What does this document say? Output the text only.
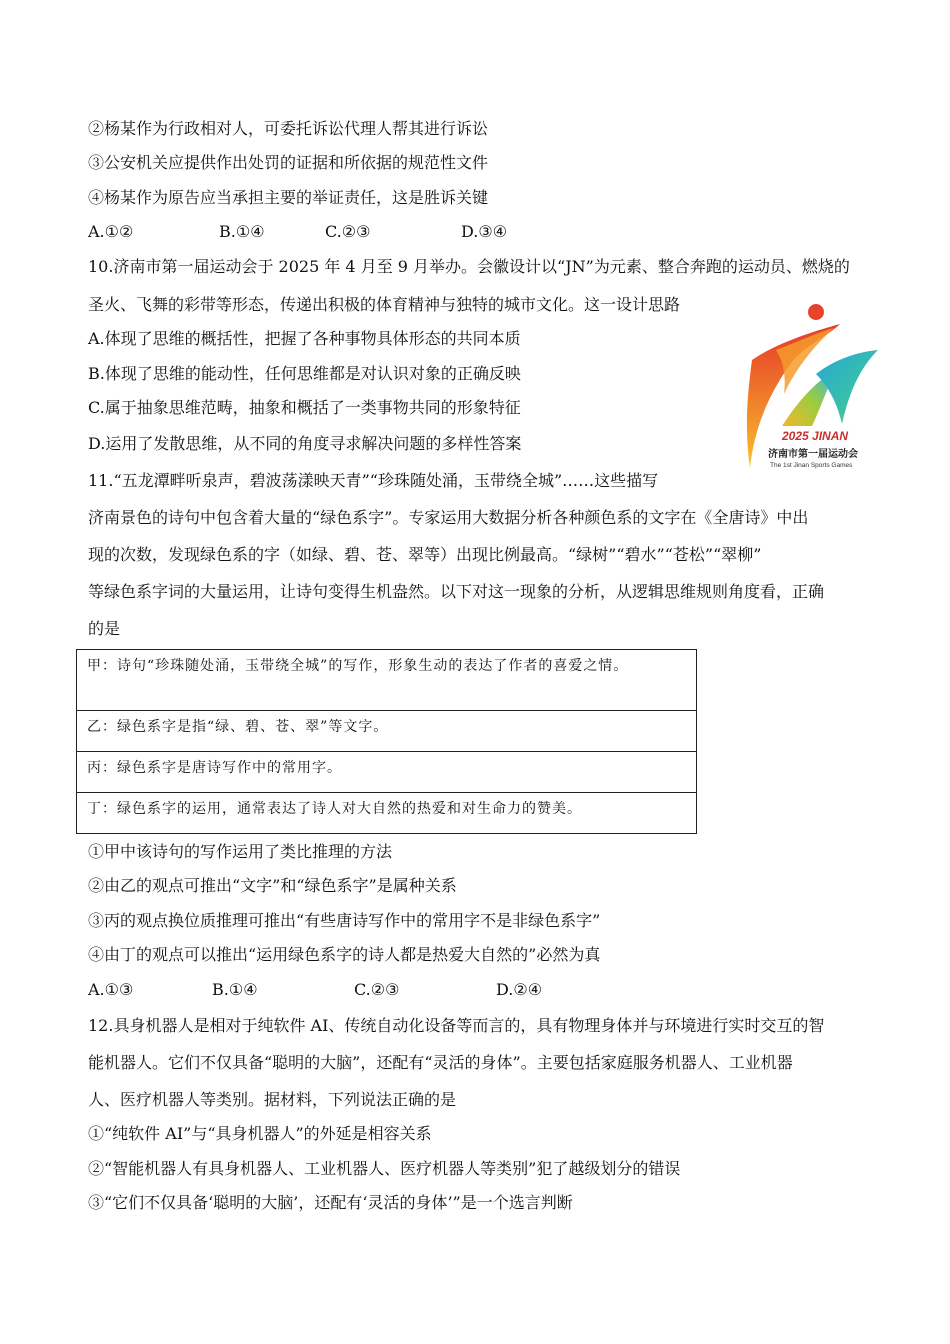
②杨某作为行政相对人，可委托诉讼代理人帮其进行诉讼
③公安机关应提供作出处罚的证据和所依据的规范性文件
④杨某作为原告应当承担主要的举证责任，这是胜诉关键
A.①②	B.①④	C.②③	D.③④
10.济南市第一届运动会于 2025 年 4 月至 9 月举办。会徽设计以“JN”为元素、整合奔跑的运动员、燃烧的
圣火、飞舞的彩带等形态，传递出积极的体育精神与独特的城市文化。这一设计思路
A.体现了思维的概括性，把握了各种事物具体形态的共同本质
B.体现了思维的能动性，任何思维都是对认识对象的正确反映
C.属于抽象思维范畴，抽象和概括了一类事物共同的形象特征
D.运用了发散思维，从不同的角度寻求解决问题的多样性答案	2025 JINAN
济南市第一届运动会
The 1st Jinan Sports Games
11.“五龙潭畔听泉声，碧波荡漾映天青”“珍珠随处涌，玉带绕全城”……这些描写
济南景色的诗句中包含着大量的“绿色系字”。专家运用大数据分析各种颜色系的文字在《全唐诗》中出
现的次数，发现绿色系的字（如绿、碧、苍、翠等）出现比例最高。“绿树”“碧水”“苍松”“翠柳”
等绿色系字词的大量运用，让诗句变得生机盎然。以下对这一现象的分析，从逻辑思维规则角度看，正确
的是
甲：诗句“珍珠随处涌，玉带绕全城”的写作，形象生动的表达了作者的喜爱之情。
乙：绿色系字是指“绿、碧、苍、翠”等文字。
丙：绿色系字是唐诗写作中的常用字。
丁：绿色系字的运用，通常表达了诗人对大自然的热爱和对生命力的赞美。
①甲中该诗句的写作运用了类比推理的方法
②由乙的观点可推出“文字”和“绿色系字”是属种关系
③丙的观点换位质推理可推出“有些唐诗写作中的常用字不是非绿色系字”
④由丁的观点可以推出“运用绿色系字的诗人都是热爱大自然的”必然为真
A.①③	B.①④	C.②③	D.②④
12.具身机器人是相对于纯软件 AI、传统自动化设备等而言的，具有物理身体并与环境进行实时交互的智
能机器人。它们不仅具备“聪明的大脑”，还配有“灵活的身体”。主要包括家庭服务机器人、工业机器
人、医疗机器人等类别。据材料，下列说法正确的是
①“纯软件 AI”与“具身机器人”的外延是相容关系
②“智能机器人有具身机器人、工业机器人、医疗机器人等类别”犯了越级划分的错误
③“它们不仅具备‘聪明的大脑’，还配有‘灵活的身体’”是一个选言判断
